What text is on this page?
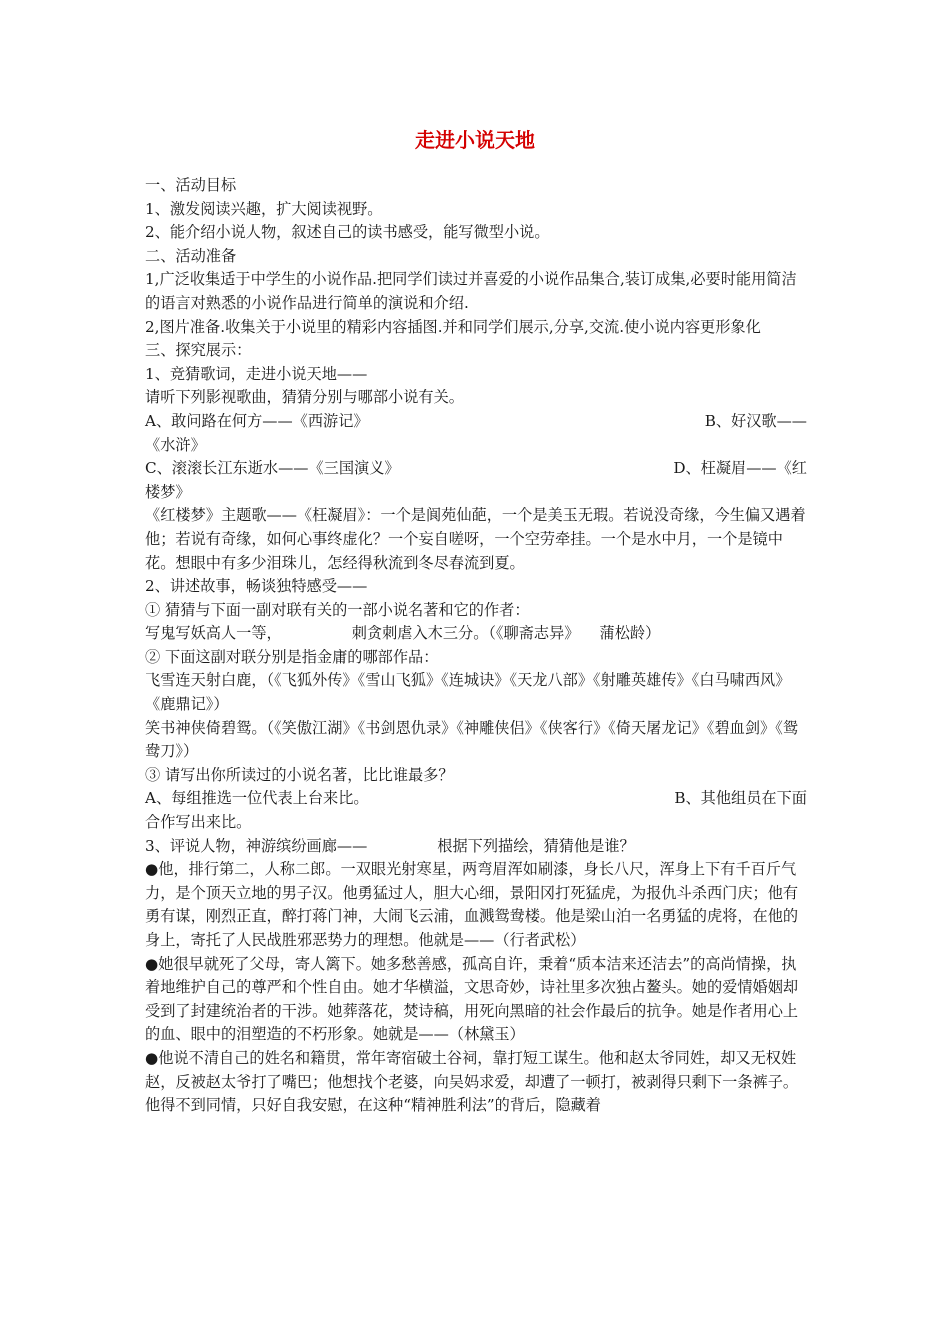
走进小说天地

一、活动目标

1、激发阅读兴趣，扩大阅读视野。

2、能介绍小说人物，叙述自己的读书感受，能写微型小说。

二、活动准备

1,广泛收集适于中学生的小说作品.把同学们读过并喜爱的小说作品集合,装订成集,必要时能用简洁的语言对熟悉的小说作品进行简单的演说和介绍.

2,图片准备.收集关于小说里的精彩内容插图.并和同学们展示,分享,交流.使小说内容更形象化

三、探究展示：

1、竞猜歌词，走进小说天地——

请听下列影视歌曲，猜猜分别与哪部小说有关。

A、敢问路在何方——《西游记》	B、好汉歌——

《水浒》

C、滚滚长江东逝水——《三国演义》	D、枉凝眉——《红

楼梦》

《红楼梦》主题歌——《枉凝眉》：一个是阆苑仙葩，一个是美玉无瑕。若说没奇缘，今生偏又遇着他；若说有奇缘，如何心事终虚化？一个妄自嗟呀，一个空劳牵挂。一个是水中月，一个是镜中花。想眼中有多少泪珠儿，怎经得秋流到冬尽春流到夏。

2、讲述故事，畅谈独特感受——

① 猜猜与下面一副对联有关的一部小说名著和它的作者：

写鬼写妖高人一等，	刺贪刺虐入木三分。（《聊斋志异》 蒲松龄）

② 下面这副对联分别是指金庸的哪部作品：

飞雪连天射白鹿，（《飞狐外传》《雪山飞狐》《连城诀》《天龙八部》《射雕英雄传》《白马啸西风》《鹿鼎记》）

笑书神侠倚碧鸳。（《笑傲江湖》《书剑恩仇录》《神雕侠侣》《侠客行》《倚天屠龙记》《碧血剑》《鸳鸯刀》）

③ 请写出你所读过的小说名著，比比谁最多？

A、每组推选一位代表上台来比。	B、其他组员在下面

合作写出来比。

3、评说人物，神游缤纷画廊——	根据下列描绘，猜猜他是谁？

●他，排行第二，人称二郎。一双眼光射寒星，两弯眉浑如刷漆，身长八尺，浑身上下有千百斤气力，是个顶天立地的男子汉。他勇猛过人，胆大心细，景阳冈打死猛虎，为报仇斗杀西门庆；他有勇有谋，刚烈正直，醉打蒋门神，大闹飞云浦，血溅鸳鸯楼。他是梁山泊一名勇猛的虎将，在他的身上，寄托了人民战胜邪恶势力的理想。他就是——（行者武松）

●她很早就死了父母，寄人篱下。她多愁善感，孤高自许，秉着“质本洁来还洁去”的高尚情操，执着地维护自己的尊严和个性自由。她才华横溢，文思奇妙，诗社里多次独占鳌头。她的爱情婚姻却受到了封建统治者的干涉。她葬落花，焚诗稿，用死向黑暗的社会作最后的抗争。她是作者用心上的血、眼中的泪塑造的不朽形象。她就是——（林黛玉）

●他说不清自己的姓名和籍贯，常年寄宿破土谷祠，靠打短工谋生。他和赵太爷同姓，却又无权姓赵，反被赵太爷打了嘴巴；他想找个老婆，向吴妈求爱，却遭了一顿打，被剥得只剩下一条裤子。他得不到同情，只好自我安慰，在这种“精神胜利法”的背后，隐藏着
